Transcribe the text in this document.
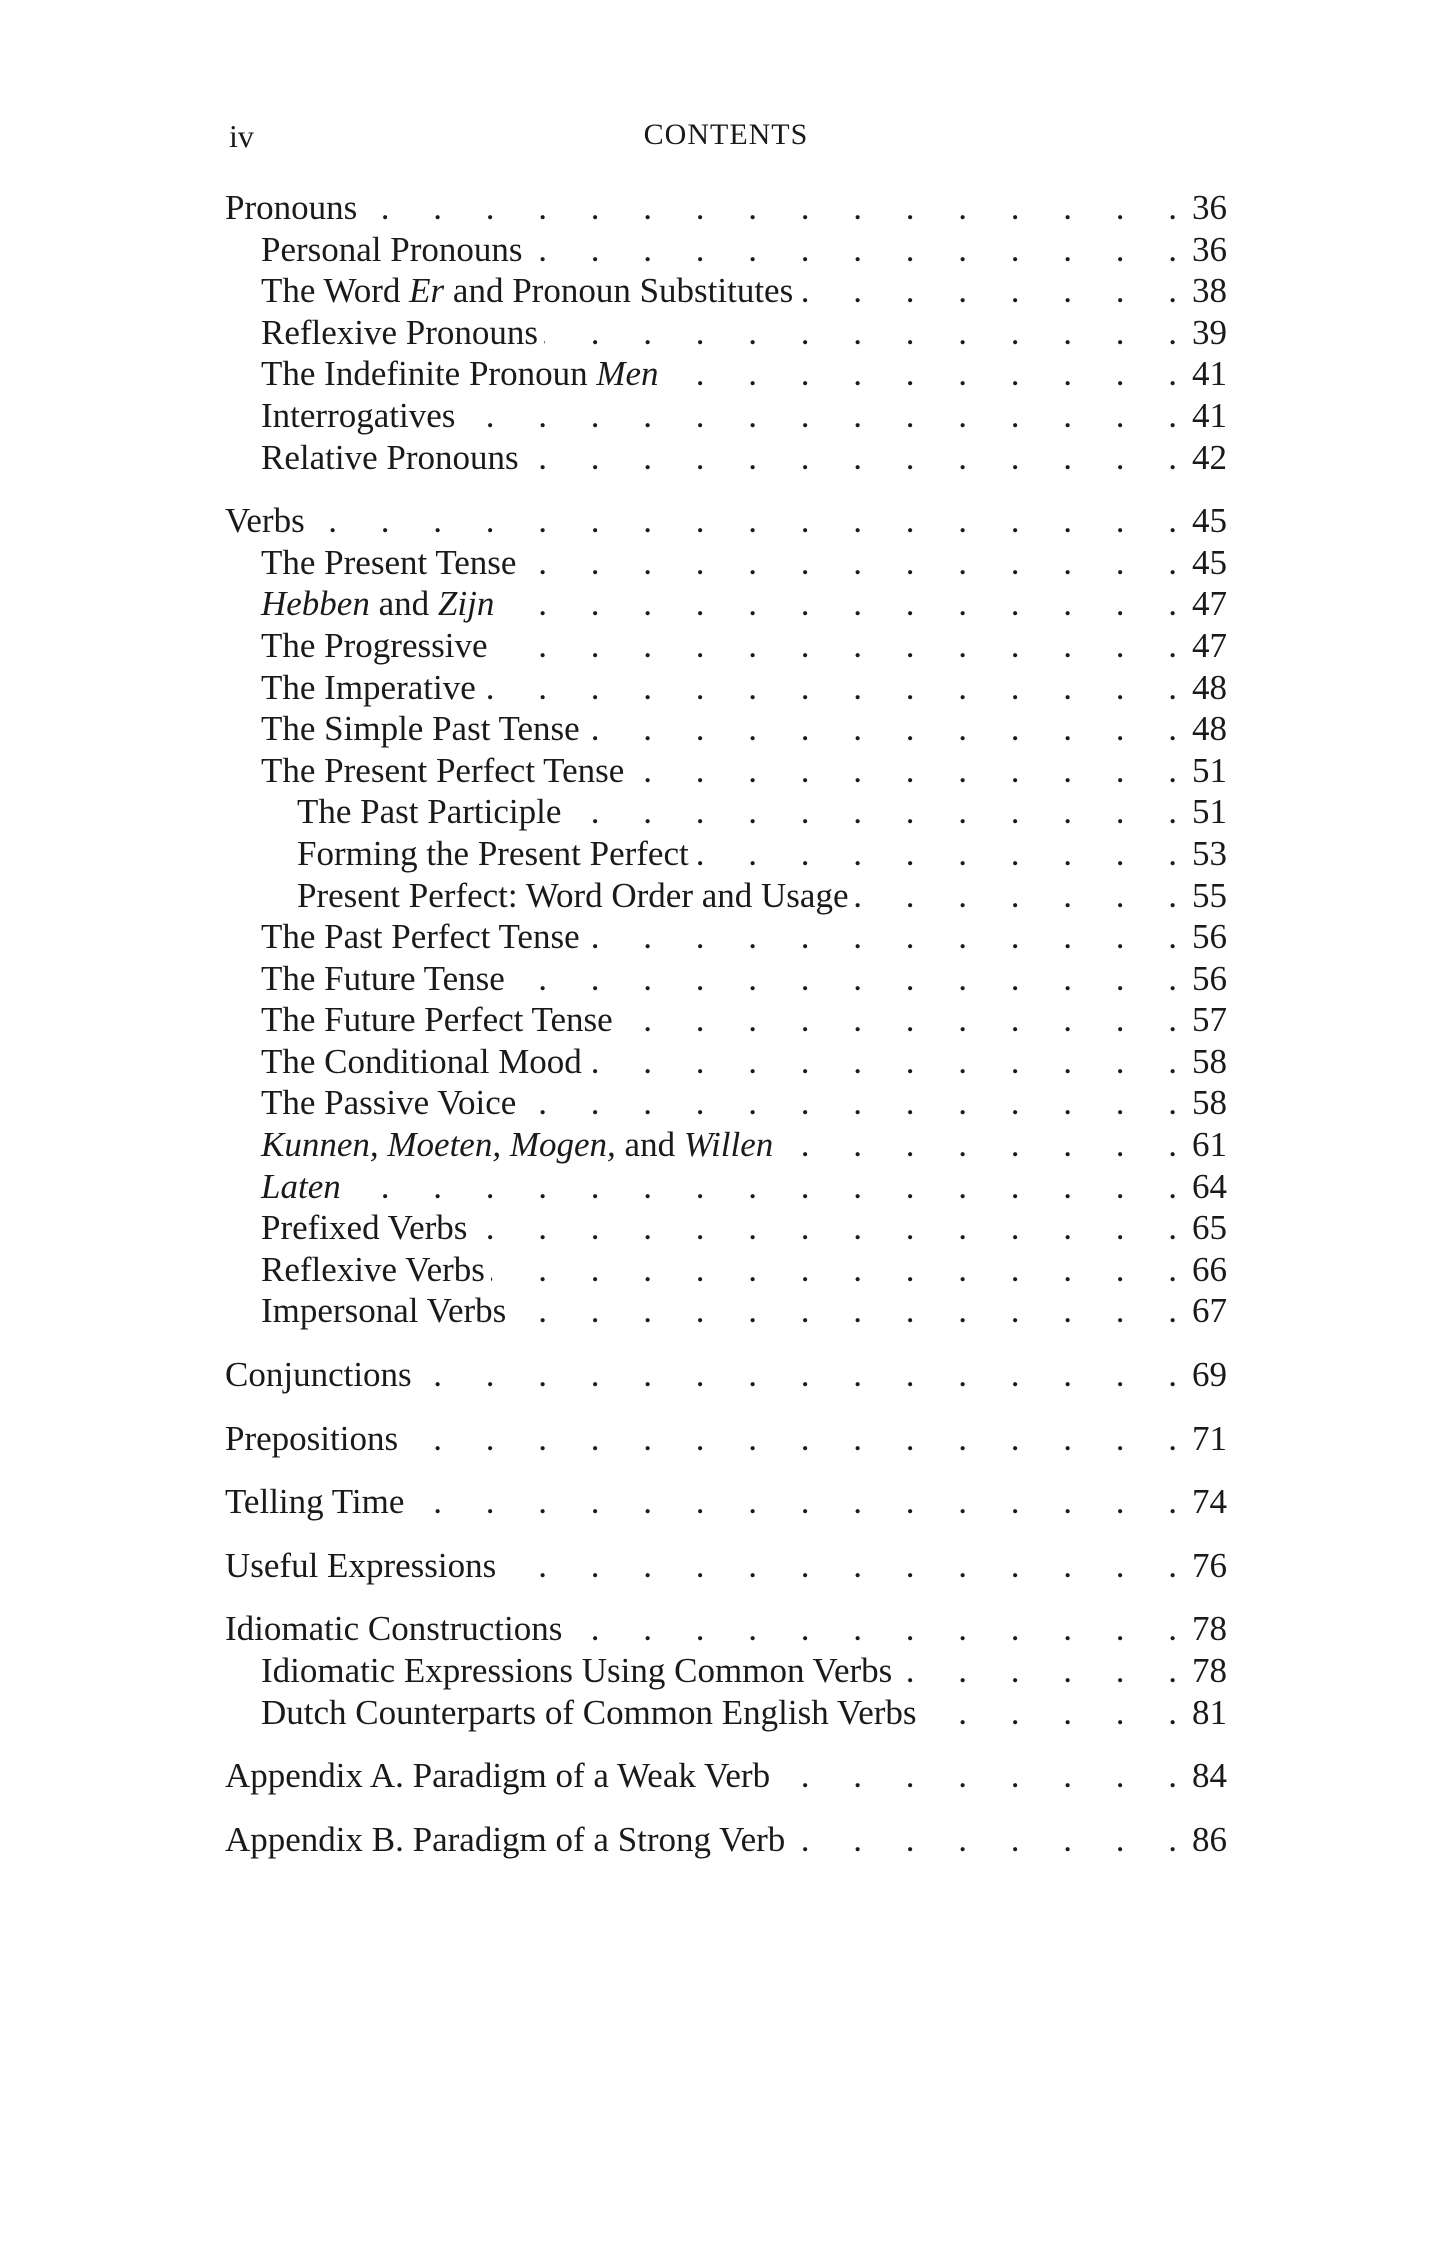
iv	CONTENTS
Pronouns .	36
Personal Pronouns .	36
The Word Er and Pronoun Substitutes .	38
Reflexive Pronouns .	39
The Indefinite Pronoun Men .	41
Interrogatives .	41
Relative Pronouns .	42
Verbs .	45
The Present Tense .	45
Hebben and Zijn .	47
The Progressive .	47
The Imperative .	48
The Simple Past Tense .	48
The Present Perfect Tense .	51
The Past Participle .	51
Forming the Present Perfect .	53
Present Perfect: Word Order and Usage .	55
The Past Perfect Tense .	56
The Future Tense .	56
The Future Perfect Tense .	57
The Conditional Mood .	58
The Passive Voice .	58
Kunnen, Moeten, Mogen, and Willen .	61
Laten .	64
Prefixed Verbs .	65
Reflexive Verbs .	66
Impersonal Verbs .	67
Conjunctions .	69
Prepositions .	71
Telling Time .	74
Useful Expressions .	76
Idiomatic Constructions .	78
Idiomatic Expressions Using Common Verbs .	78
Dutch Counterparts of Common English Verbs .	81
Appendix A. Paradigm of a Weak Verb .	84
Appendix B. Paradigm of a Strong Verb .	86
